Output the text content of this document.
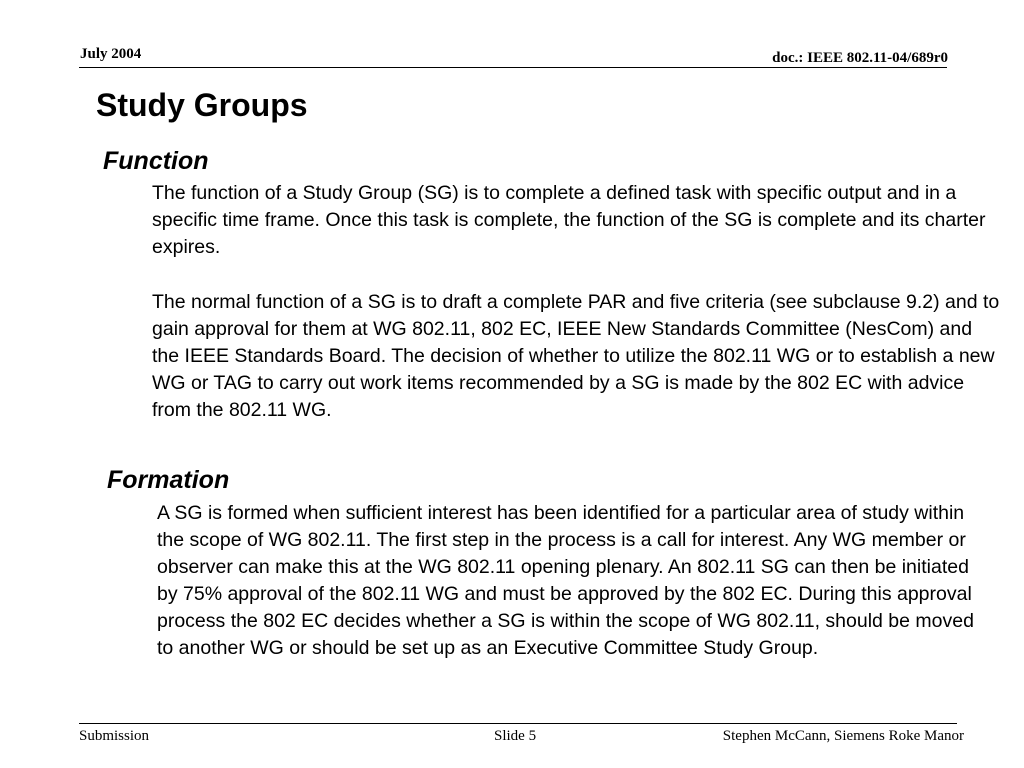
July 2004	doc.: IEEE 802.11-04/689r0
Study Groups
Function

The function of a Study Group (SG) is to complete a defined task with specific output and in a specific time frame. Once this task is complete, the function of the SG is complete and its charter expires.

The normal function of a SG is to draft a complete PAR and five criteria (see subclause 9.2) and to gain approval for them at WG 802.11, 802 EC, IEEE New Standards Committee (NesCom) and the IEEE Standards Board. The decision of whether to utilize the 802.11 WG or to establish a new WG or TAG to carry out work items recommended by a SG is made by the 802 EC with advice from the 802.11 WG.

Formation

A SG is formed when sufficient interest has been identified for a particular area of study within the scope of WG 802.11. The first step in the process is a call for interest. Any WG member or observer can make this at the WG 802.11 opening plenary. An 802.11 SG can then be initiated by 75% approval of the 802.11 WG and must be approved by the 802 EC. During this approval process the 802 EC decides whether a SG is within the scope of WG 802.11, should be moved to another WG or should be set up as an Executive Committee Study Group.

Submission	Slide 5	Stephen McCann, Siemens Roke Manor
